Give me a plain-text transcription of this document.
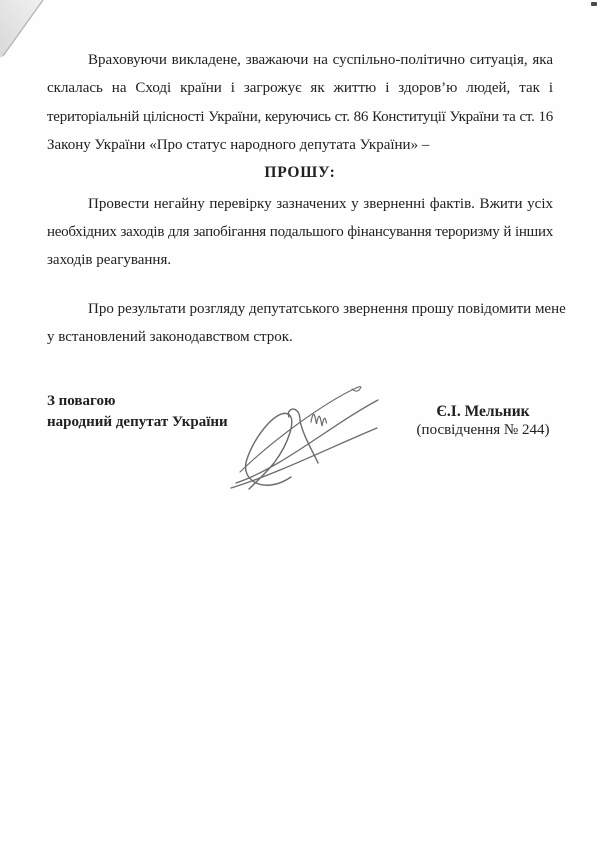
Враховуючи викладене, зважаючи на суспільно-політично ситуація, яка
склалась на Сході країни і загрожує як життю і здоров’ю людей, так і
територіальній цілісності України, керуючись ст. 86 Конституції України та ст. 16
Закону України «Про статус народного депутата України» –
ПРОШУ:
Провести негайну перевірку зазначених у зверненні фактів. Вжити усіх
необхідних заходів для запобігання подальшого фінансування тероризму й інших
заходів реагування.
Про результати розгляду депутатського звернення прошу повідомити мене
у встановлений законодавством строк.
З повагою
народний депутат України
Є.І. Мельник
(посвідчення № 244)
